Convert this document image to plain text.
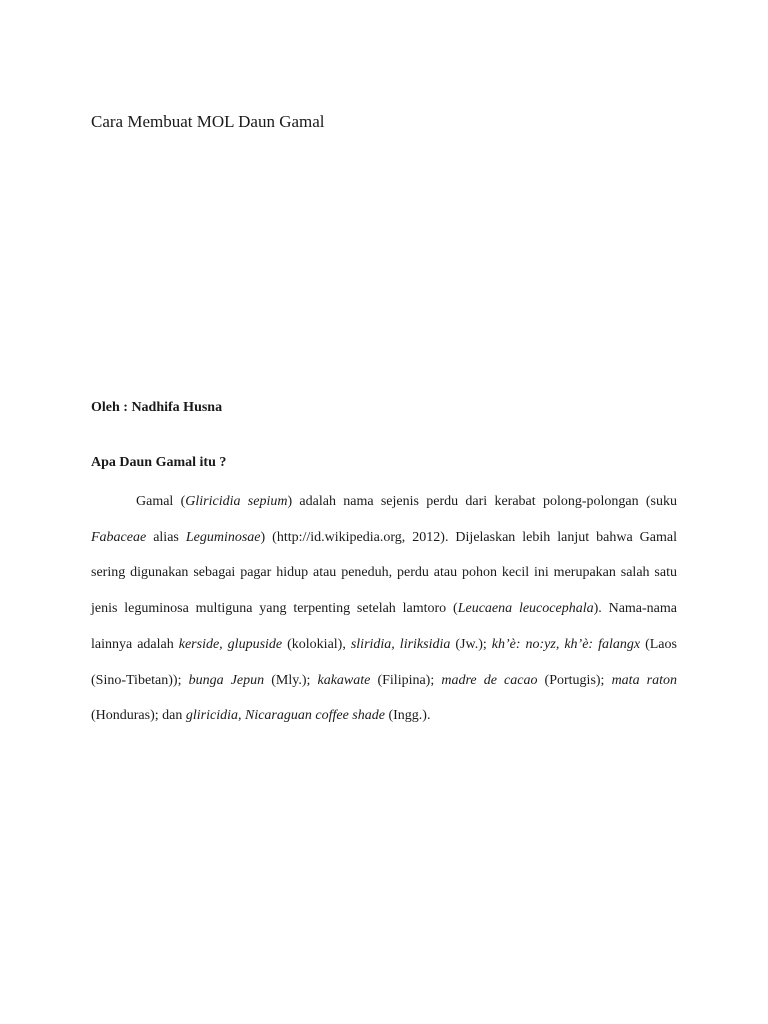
Cara Membuat MOL Daun Gamal

Oleh : Nadhifa Husna

Apa Daun Gamal itu ?

Gamal (Gliricidia sepium) adalah nama sejenis perdu dari kerabat polong-polongan (suku Fabaceae alias Leguminosae) (http://id.wikipedia.org, 2012). Dijelaskan lebih lanjut bahwa Gamal sering digunakan sebagai pagar hidup atau peneduh, perdu atau pohon kecil ini merupakan salah satu jenis leguminosa multiguna yang terpenting setelah lamtoro (Leucaena leucocephala). Nama-nama lainnya adalah kerside, glириside (kolokial), sliridia, liriksidia (Jw.); kh’è: no:yz, kh’è: falangx (Laos (Sino-Tibetan)); bunga Jepun (Mly.); kakawate (Filipina); madre de cacao (Portugis); mata raton (Honduras); dan gliricidia, Nicaraguan coffee shade (Ingg.).
